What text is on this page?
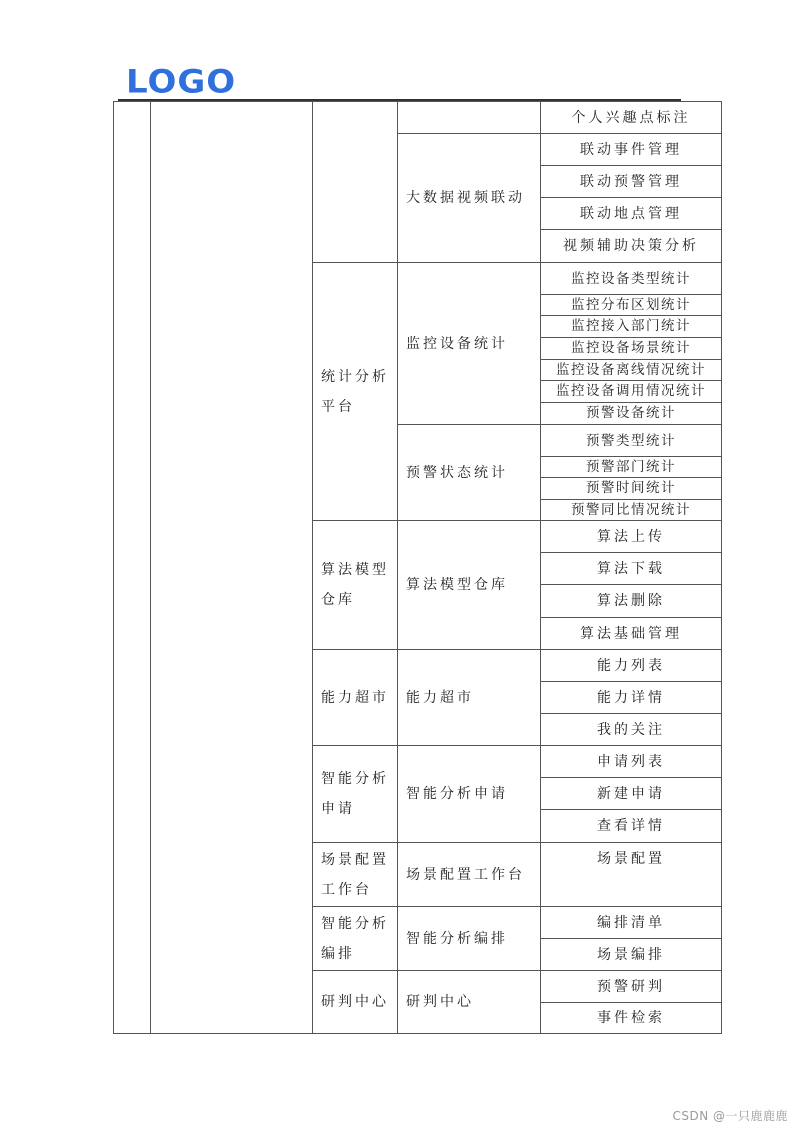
LOGO
个人兴趣点标注
大数据视频联动
联动事件管理
联动预警管理
联动地点管理
视频辅助决策分析
统计分析平台
监控设备统计
监控设备类型统计
监控分布区划统计
监控接入部门统计
监控设备场景统计
监控设备离线情况统计
监控设备调用情况统计
预警设备统计
预警状态统计
预警类型统计
预警部门统计
预警时间统计
预警同比情况统计
算法模型仓库
算法模型仓库
算法上传
算法下载
算法删除
算法基础管理
能力超市	能力超市
能力列表
能力详情
我的关注
智能分析申请
智能分析申请
申请列表
新建申请
查看详情
场景配置工作台
场景配置工作台
场景配置
智能分析编排
智能分析编排
编排清单
场景编排
研判中心	研判中心
预警研判
事件检索
CSDN @一只鹿鹿鹿
